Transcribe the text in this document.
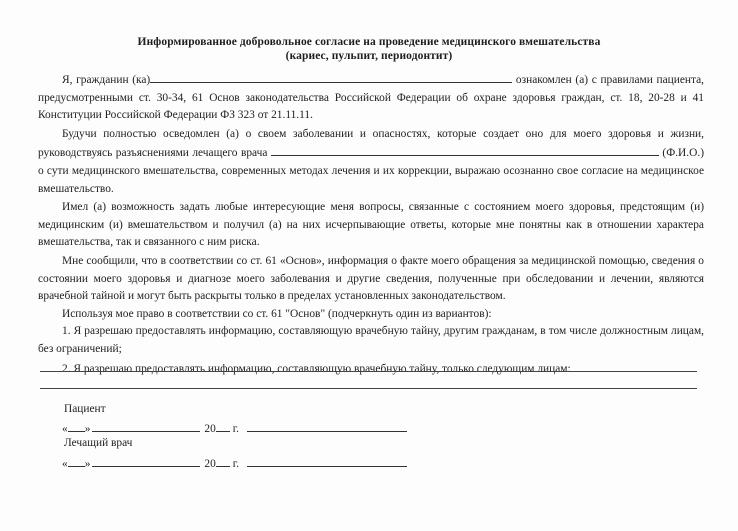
Информированное добровольное согласие на проведение медицинского вмешательства
(кариес, пульпит, периодонтит)

Я, гражданин (ка)	ознакомлен (а) с правилами пациента, предусмотренными ст. 30-34, 61 Основ законодательства Российской Федерации об охране здоровья граждан, ст. 18, 20-28 и 41 Конституции Российской Федерации ФЗ 323 от 21.11.11.

Будучи полностью осведомлен (а) о своем заболевании и опасностях, которые создает оно для моего здоровья и жизни, руководствуясь разъяснениями лечащего врача	(Ф.И.О.) о сути медицинского вмешательства, современных методах лечения и их коррекции, выражаю осознанно свое согласие на медицинское вмешательство.

Имел (а) возможность задать любые интересующие меня вопросы, связанные с состоянием моего здоровья, предстоящим (и) медицинским (и) вмешательством и получил (а) на них исчерпывающие ответы, которые мне понятны как в отношении характера вмешательства, так и связанного с ним риска.

Мне сообщили, что в соответствии со ст. 61 «Основ», информация о факте моего обращения за медицинской помощью, сведения о состоянии моего здоровья и диагнозе моего заболевания и другие сведения, полученные при обследовании и лечении, являются врачебной тайной и могут быть раскрыты только в пределах установленных законодательством.

Используя мое право в соответствии со ст. 61 "Основ" (подчеркнуть один из вариантов):

1. Я разрешаю предоставлять информацию, составляющую врачебную тайну, другим гражданам, в том числе должностным лицам, без ограничений;

2. Я разрешаю предоставлять информацию, составляющую врачебную тайну, только следующим лицам:

Пациент
« »	20 г.
Лечащий врач
« »	20 г.
